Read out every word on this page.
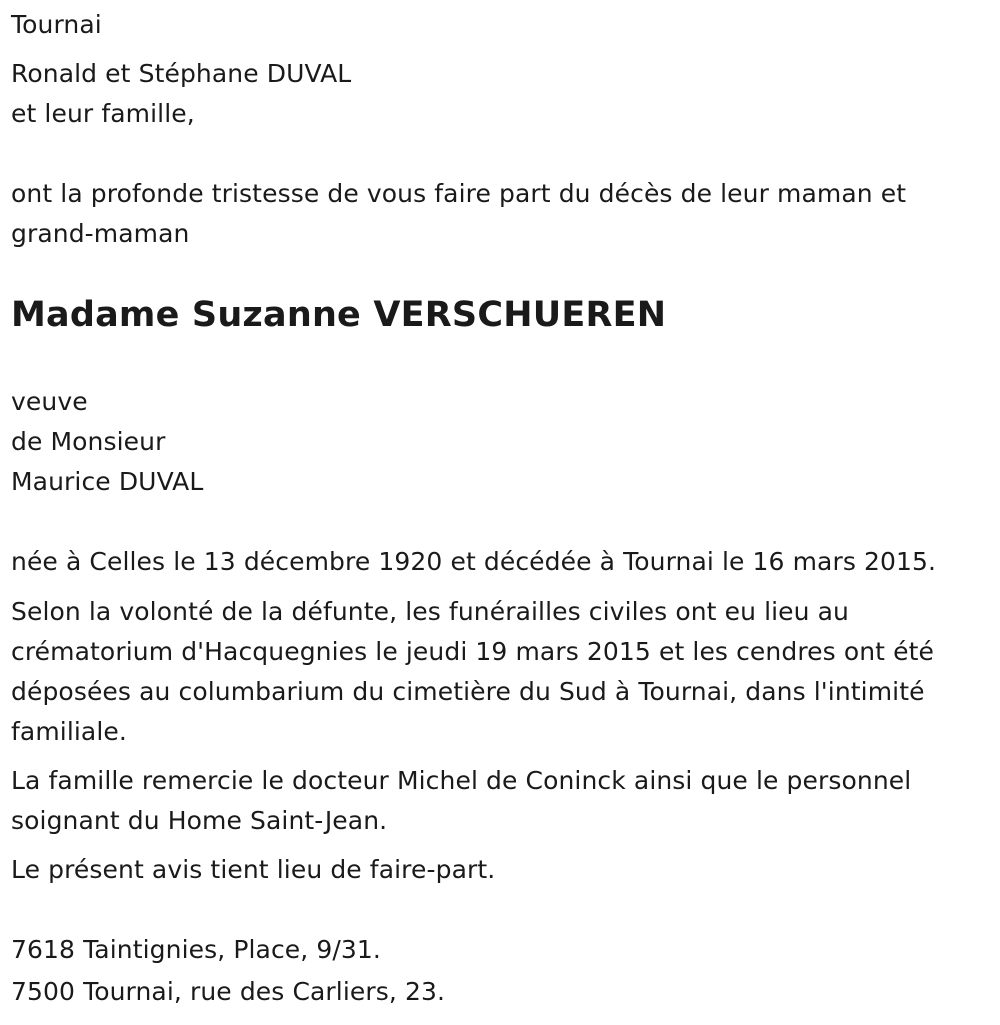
Tournai
Ronald et Stéphane DUVAL
et leur famille,
ont la profonde tristesse de vous faire part du décès de leur maman et
grand-maman
Madame Suzanne VERSCHUEREN
veuve
de Monsieur
Maurice DUVAL
née à Celles le 13 décembre 1920 et décédée à Tournai le 16 mars 2015.
Selon la volonté de la défunte, les funérailles civiles ont eu lieu au
crématorium d'Hacquegnies le jeudi 19 mars 2015 et les cendres ont été
déposées au columbarium du cimetière du Sud à Tournai, dans l'intimité
familiale.
La famille remercie le docteur Michel de Coninck ainsi que le personnel
soignant du Home Saint-Jean.
Le présent avis tient lieu de faire-part.
7618 Taintignies, Place, 9/31.
7500 Tournai, rue des Carliers, 23.
